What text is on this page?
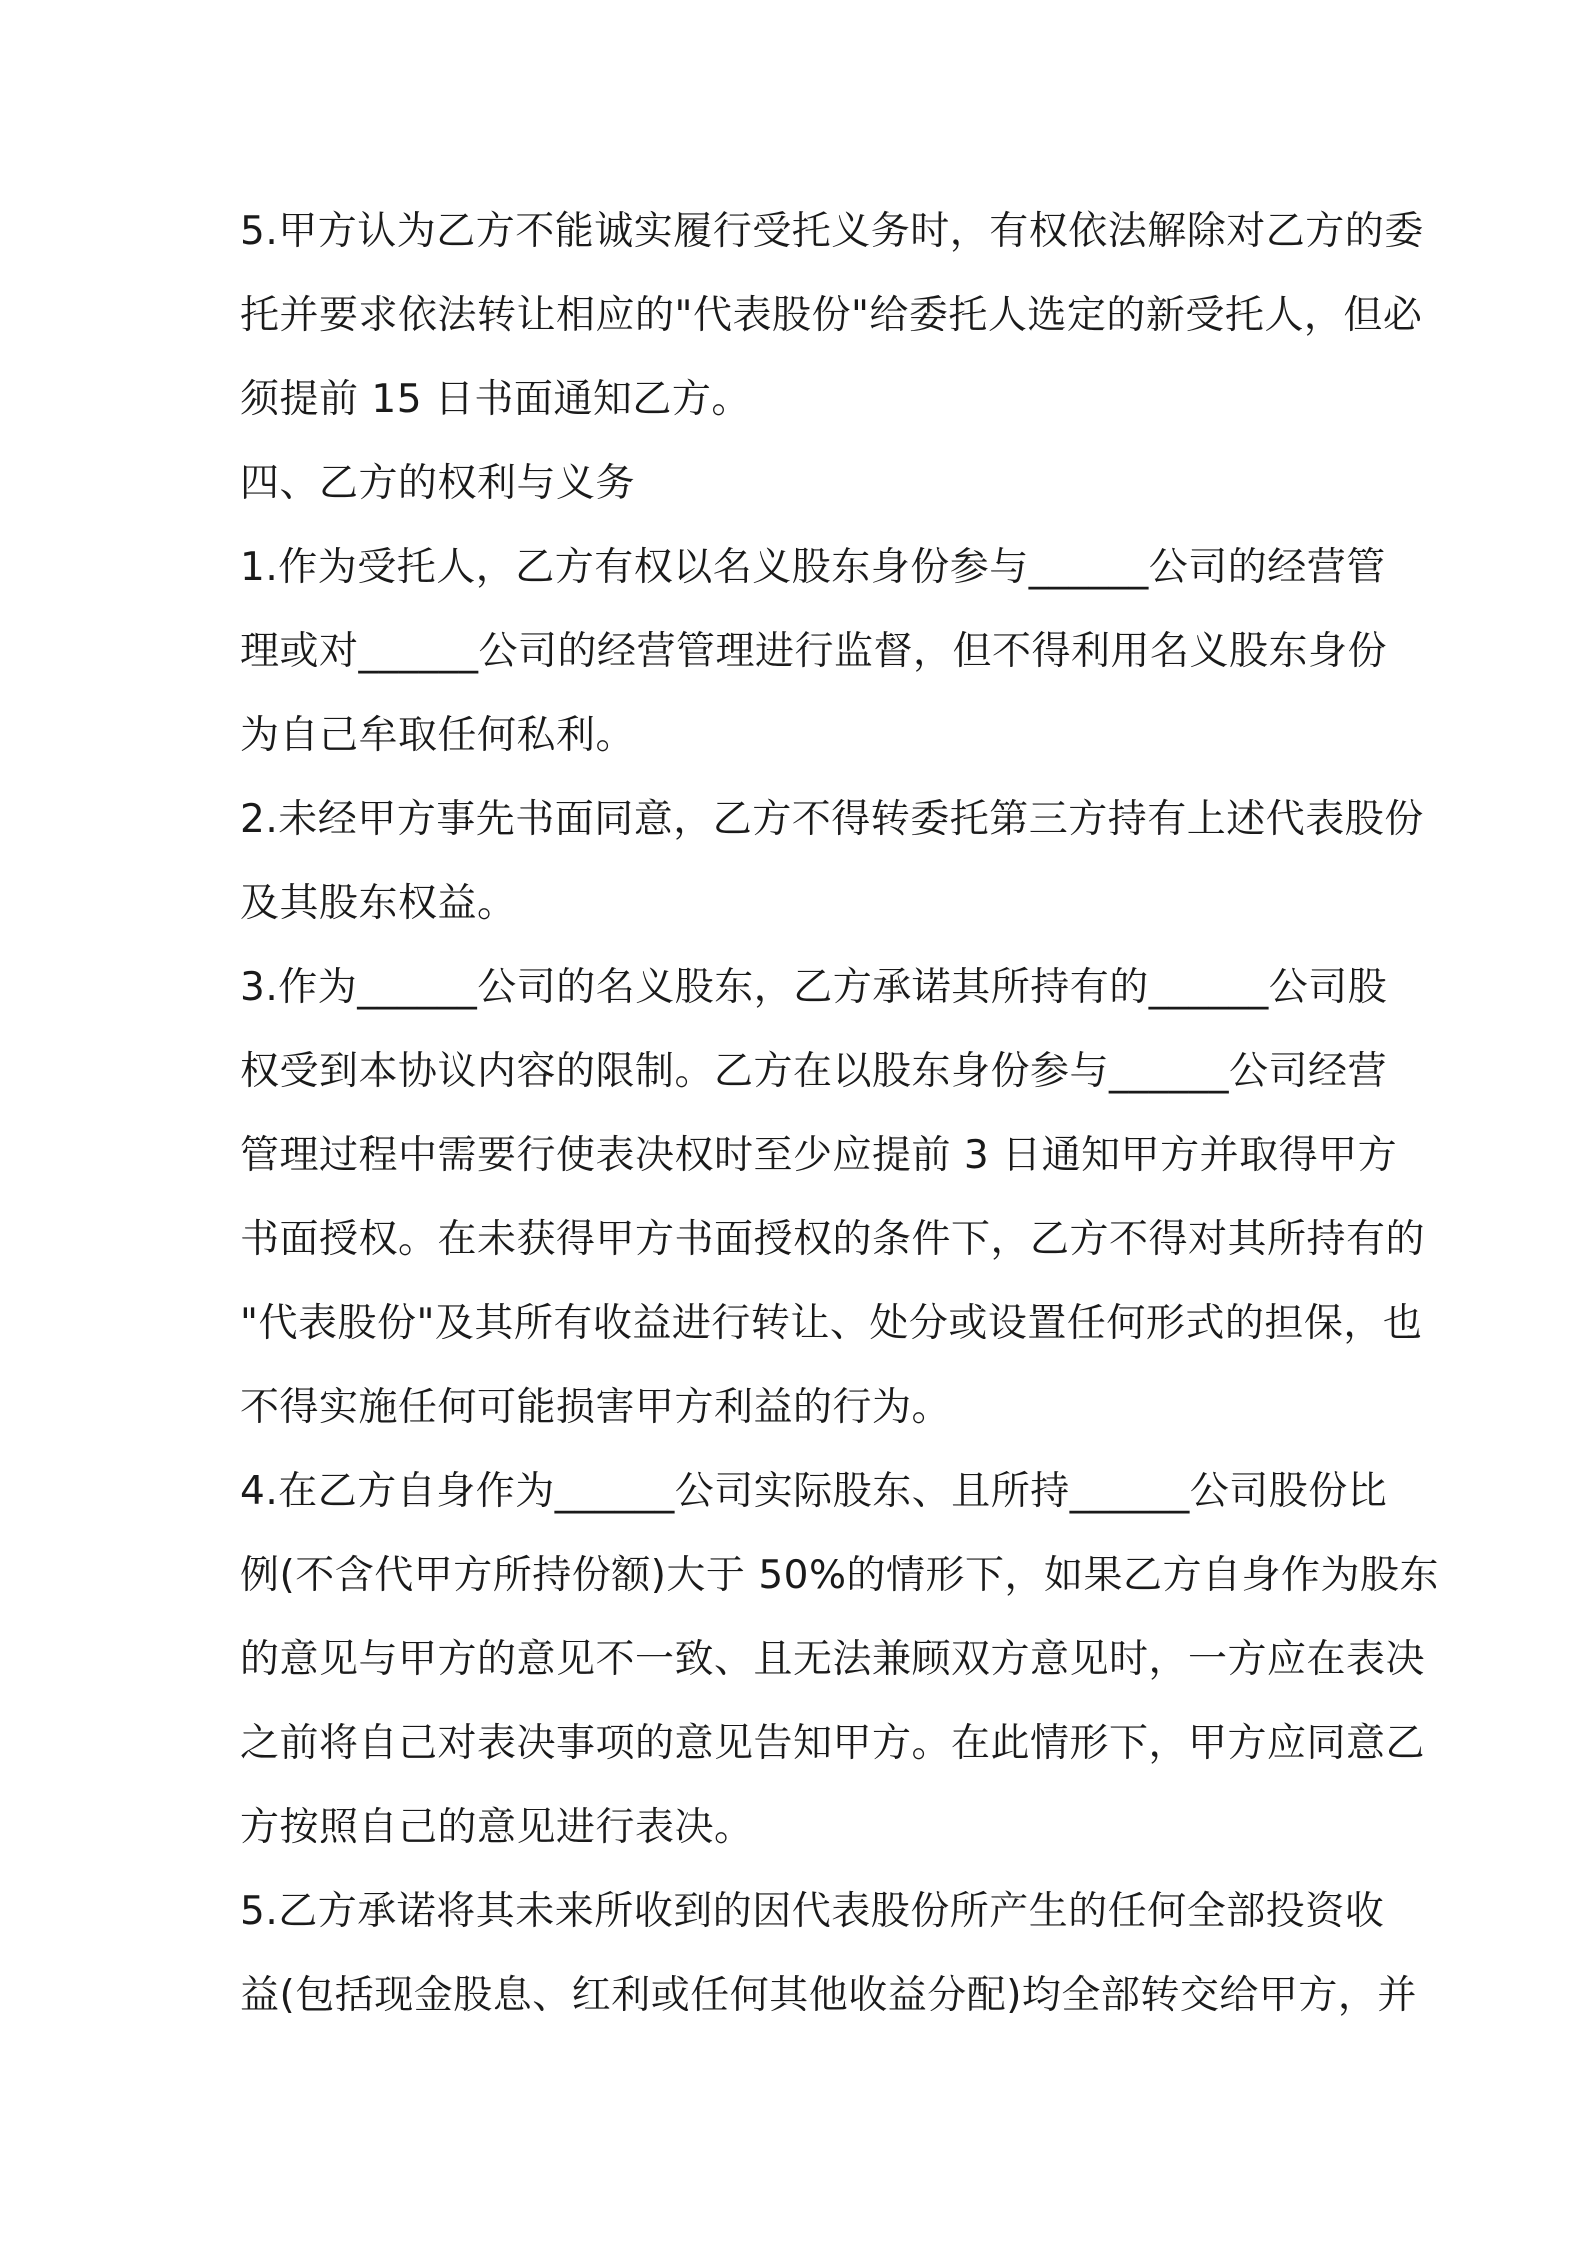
5.甲方认为乙方不能诚实履行受托义务时，有权依法解除对乙方的委
托并要求依法转让相应的"代表股份"给委托人选定的新受托人，但必
须提前 15 日书面通知乙方。
四、乙方的权利与义务
1.作为受托人，乙方有权以名义股东身份参与______公司的经营管
理或对______公司的经营管理进行监督，但不得利用名义股东身份
为自己牟取任何私利。
2.未经甲方事先书面同意，乙方不得转委托第三方持有上述代表股份
及其股东权益。
3.作为______公司的名义股东，乙方承诺其所持有的______公司股
权受到本协议内容的限制。乙方在以股东身份参与______公司经营
管理过程中需要行使表决权时至少应提前 3 日通知甲方并取得甲方
书面授权。在未获得甲方书面授权的条件下，乙方不得对其所持有的
"代表股份"及其所有收益进行转让、处分或设置任何形式的担保，也
不得实施任何可能损害甲方利益的行为。
4.在乙方自身作为______公司实际股东、且所持______公司股份比
例(不含代甲方所持份额)大于 50%的情形下，如果乙方自身作为股东
的意见与甲方的意见不一致、且无法兼顾双方意见时，一方应在表决
之前将自己对表决事项的意见告知甲方。在此情形下，甲方应同意乙
方按照自己的意见进行表决。
5.乙方承诺将其未来所收到的因代表股份所产生的任何全部投资收
益(包括现金股息、红利或任何其他收益分配)均全部转交给甲方，并
